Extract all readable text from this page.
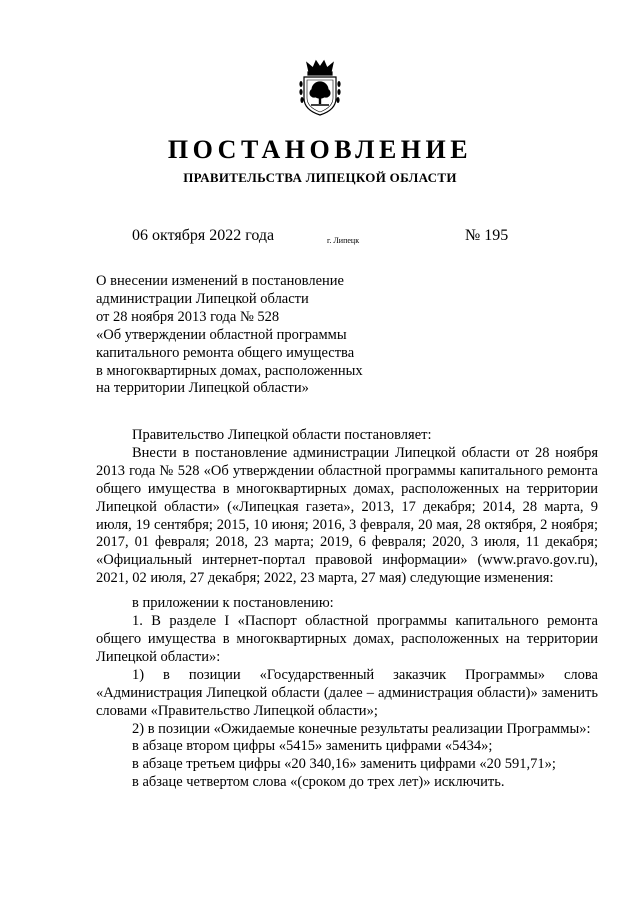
ПОСТАНОВЛЕНИЕ
ПРАВИТЕЛЬСТВА ЛИПЕЦКОЙ ОБЛАСТИ
06 октября 2022 года	г. Липецк	№ 195
О внесении изменений в постановление
администрации Липецкой области
от 28 ноября 2013 года № 528
«Об утверждении областной программы
капитального ремонта общего имущества
в многоквартирных домах, расположенных
на территории Липецкой области»

Правительство Липецкой области постановляет:

Внести в постановление администрации Липецкой области от 28 ноября 2013 года № 528 «Об утверждении областной программы капитального ремонта общего имущества в многоквартирных домах, расположенных на территории Липецкой области» («Липецкая газета», 2013, 17 декабря; 2014, 28 марта, 9 июля, 19 сентября; 2015, 10 июня; 2016, 3 февраля, 20 мая, 28 октября, 2 ноября; 2017, 01 февраля; 2018, 23 марта; 2019, 6 февраля; 2020, 3 июля, 11 декабря; «Официальный интернет-портал правовой информации» (www.pravo.gov.ru), 2021, 02 июля, 27 декабря; 2022, 23 марта, 27 мая) следующие изменения:

в приложении к постановлению:

1. В разделе I «Паспорт областной программы капитального ремонта общего имущества в многоквартирных домах, расположенных на территории Липецкой области»:

1) в позиции «Государственный заказчик Программы» слова «Администрация Липецкой области (далее – администрация области)» заменить словами «Правительство Липецкой области»;

2) в позиции «Ожидаемые конечные результаты реализации Программы»:

в абзаце втором цифры «5415» заменить цифрами «5434»;

в абзаце третьем цифры «20 340,16» заменить цифрами «20 591,71»;

в абзаце четвертом слова «(сроком до трех лет)» исключить.
